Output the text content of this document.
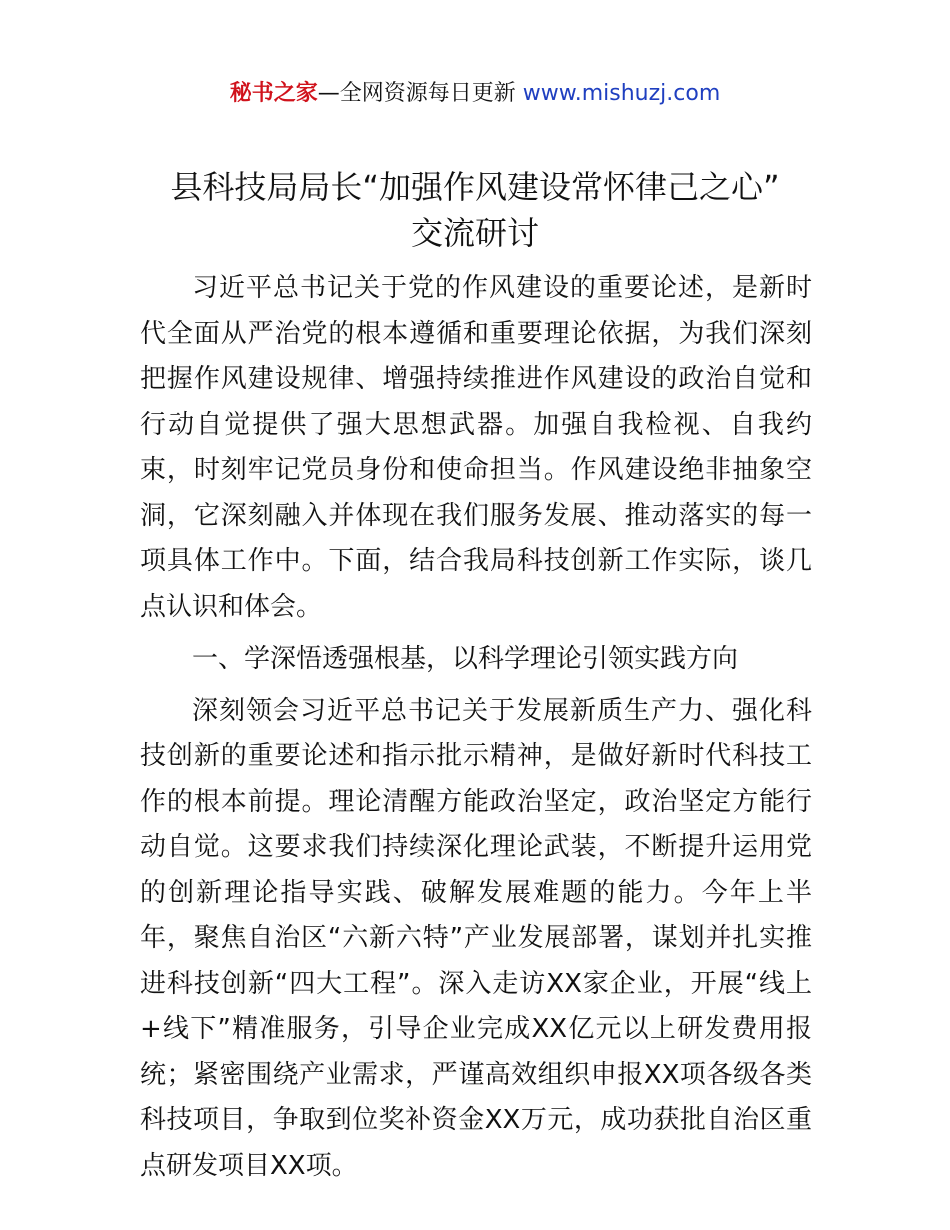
秘书之家—全网资源每日更新 www.mishuzj.com
县科技局局长“加强作风建设常怀律己之心”
交流研讨

习近平总书记关于党的作风建设的重要论述，是新时代全面从严治党的根本遵循和重要理论依据，为我们深刻把握作风建设规律、增强持续推进作风建设的政治自觉和行动自觉提供了强大思想武器。加强自我检视、自我约束，时刻牢记党员身份和使命担当。作风建设绝非抽象空洞，它深刻融入并体现在我们服务发展、推动落实的每一项具体工作中。下面，结合我局科技创新工作实际，谈几点认识和体会。

一、学深悟透强根基，以科学理论引领实践方向

深刻领会习近平总书记关于发展新质生产力、强化科技创新的重要论述和指示批示精神，是做好新时代科技工作的根本前提。理论清醒方能政治坚定，政治坚定方能行动自觉。这要求我们持续深化理论武装，不断提升运用党的创新理论指导实践、破解发展难题的能力。今年上半年，聚焦自治区“六新六特”产业发展部署，谋划并扎实推进科技创新“四大工程”。深入走访XX家企业，开展“线上+线下”精准服务，引导企业完成XX亿元以上研发费用报统；紧密围绕产业需求，严谨高效组织申报XX项各级各类科技项目，争取到位奖补资金XX万元，成功获批自治区重点研发项目XX项。
